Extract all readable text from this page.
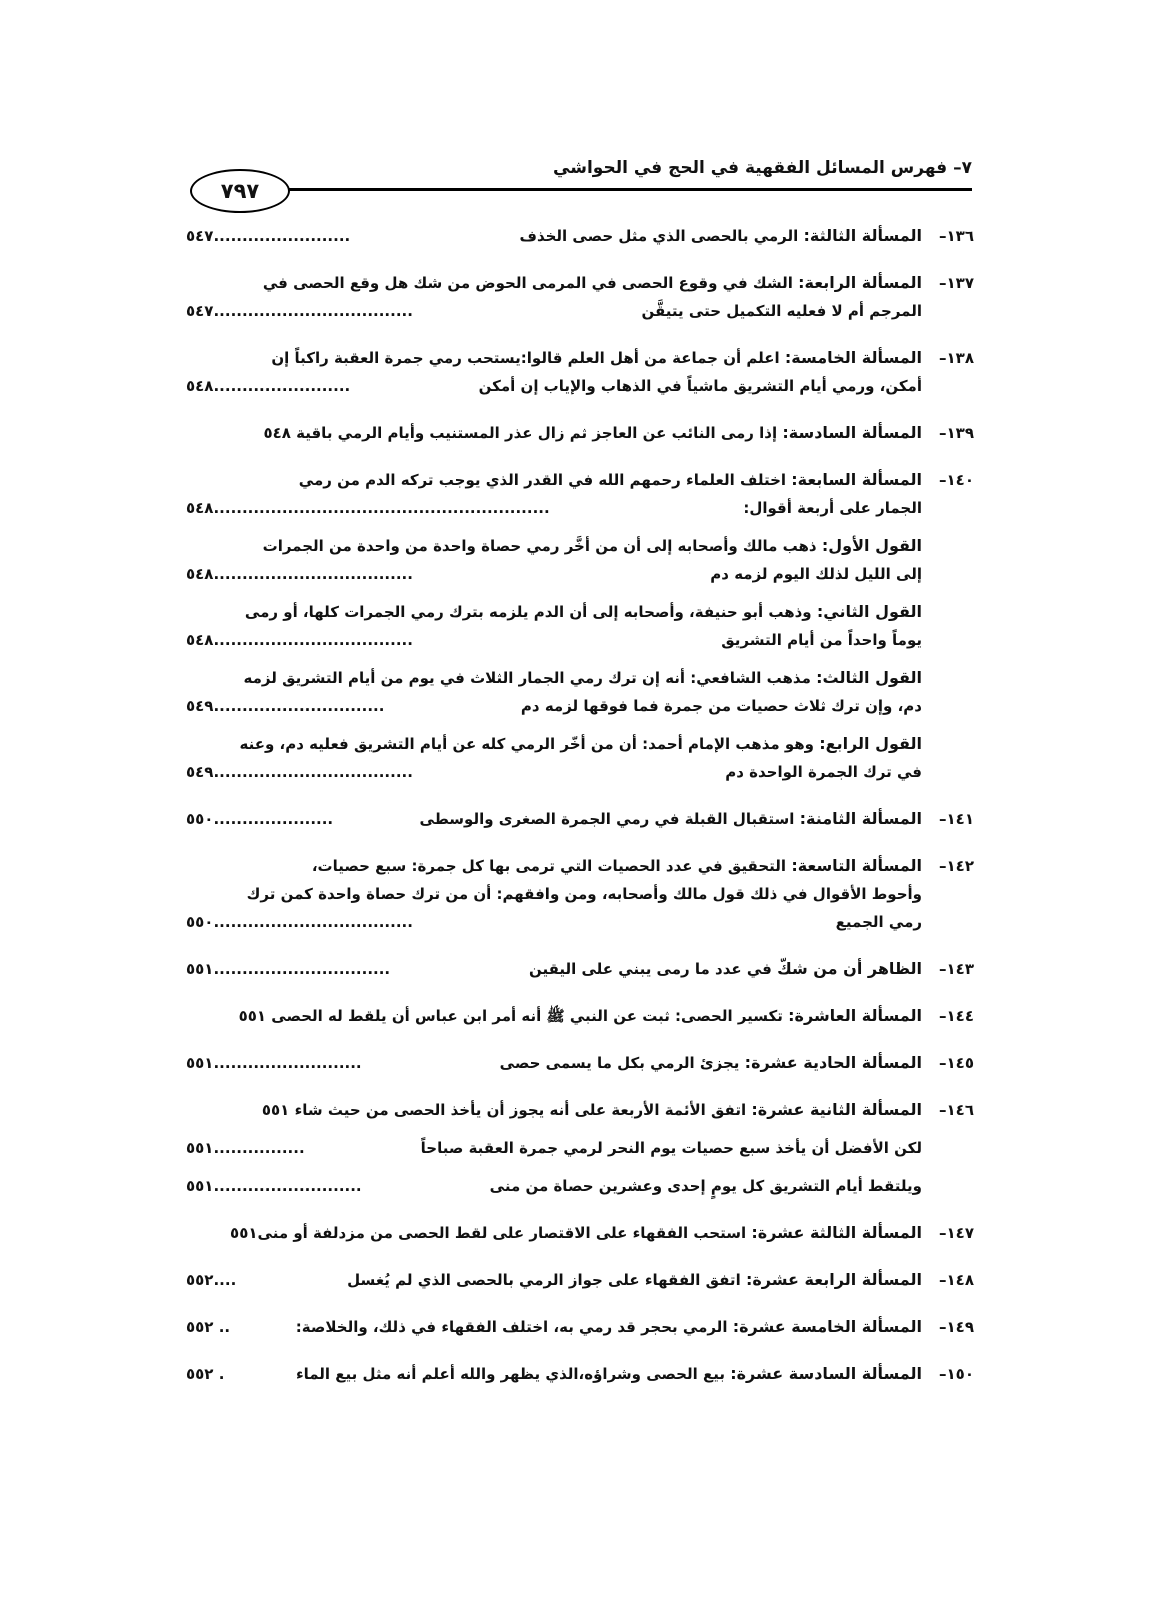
٧– فهرس المسائل الفقهية في الحج في الحواشي
٧٩٧
١٣٦–
المسألة الثالثة: الرمي بالحصى الذي مثل حصى الخذف
........................٥٤٧
١٣٧–
المسألة الرابعة: الشك في وقوع الحصى في المرمى الحوض من شك هل وقع الحصى في
المرجم أم لا فعليه التكميل حتى يتيقَّن
...................................٥٤٧
١٣٨–
المسألة الخامسة: اعلم أن جماعة من أهل العلم قالوا:يستحب رمي جمرة العقبة راكباً إن
أمكن، ورمي أيام التشريق ماشياً في الذهاب والإياب إن أمكن
........................٥٤٨
١٣٩–
المسألة السادسة: إذا رمى النائب عن العاجز ثم زال عذر المستنيب وأيام الرمي باقية ٥٤٨
١٤٠–
المسألة السابعة: اختلف العلماء رحمهم الله في القدر الذي يوجب تركه الدم من رمي
الجمار على أربعة أقوال:
...........................................................٥٤٨
القول الأول: ذهب مالك وأصحابه إلى أن من أخَّر رمي حصاة واحدة من واحدة من الجمرات
إلى الليل لذلك اليوم لزمه دم
...................................٥٤٨
القول الثاني: وذهب أبو حنيفة، وأصحابه إلى أن الدم يلزمه بترك رمي الجمرات كلها، أو رمى
يوماً واحداً من أيام التشريق
...................................٥٤٨
القول الثالث: مذهب الشافعي: أنه إن ترك رمي الجمار الثلاث في يوم من أيام التشريق لزمه
دم، وإن ترك ثلاث حصيات من جمرة فما فوقها لزمه دم
..............................٥٤٩
القول الرابع: وهو مذهب الإمام أحمد: أن من أخّر الرمي كله عن أيام التشريق فعليه دم، وعنه
في ترك الجمرة الواحدة دم
...................................٥٤٩
١٤١–
المسألة الثامنة: استقبال القبلة في رمي الجمرة الصغرى والوسطى
.....................٥٥٠
١٤٢–
المسألة التاسعة: التحقيق في عدد الحصيات التي ترمى بها كل جمرة: سبع حصيات،
وأحوط الأقوال في ذلك قول مالك وأصحابه، ومن وافقهم: أن من ترك حصاة واحدة كمن ترك
رمي الجميع
...................................٥٥٠
١٤٣–
الظاهر أن من شكّ في عدد ما رمى يبني على اليقين
...............................٥٥١
١٤٤–
المسألة العاشرة: تكسير الحصى: ثبت عن النبي ﷺ أنه أمر ابن عباس أن يلقط له الحصى ٥٥١
١٤٥–
المسألة الحادية عشرة: يجزئ الرمي بكل ما يسمى حصى
..........................٥٥١
١٤٦–
المسألة الثانية عشرة: اتفق الأئمة الأربعة على أنه يجوز أن يأخذ الحصى من حيث شاء ٥٥١
لكن الأفضل أن يأخذ سبع حصيات يوم النحر لرمي جمرة العقبة صباحاً
................٥٥١
ويلتقط أيام التشريق كل يومٍ إحدى وعشرين حصاة من منى
..........................٥٥١
١٤٧–
المسألة الثالثة عشرة: استحب الفقهاء على الاقتصار على لقط الحصى من مزدلفة أو منى٥٥١
١٤٨–
المسألة الرابعة عشرة: اتفق الفقهاء على جواز الرمي بالحصى الذي لم يُغسل
....٥٥٢
١٤٩–
المسألة الخامسة عشرة: الرمي بحجر قد رمي به، اختلف الفقهاء في ذلك، والخلاصة:
.. ٥٥٢
١٥٠–
المسألة السادسة عشرة: بيع الحصى وشراؤه،الذي يظهر والله أعلم أنه مثل بيع الماء
. ٥٥٢
